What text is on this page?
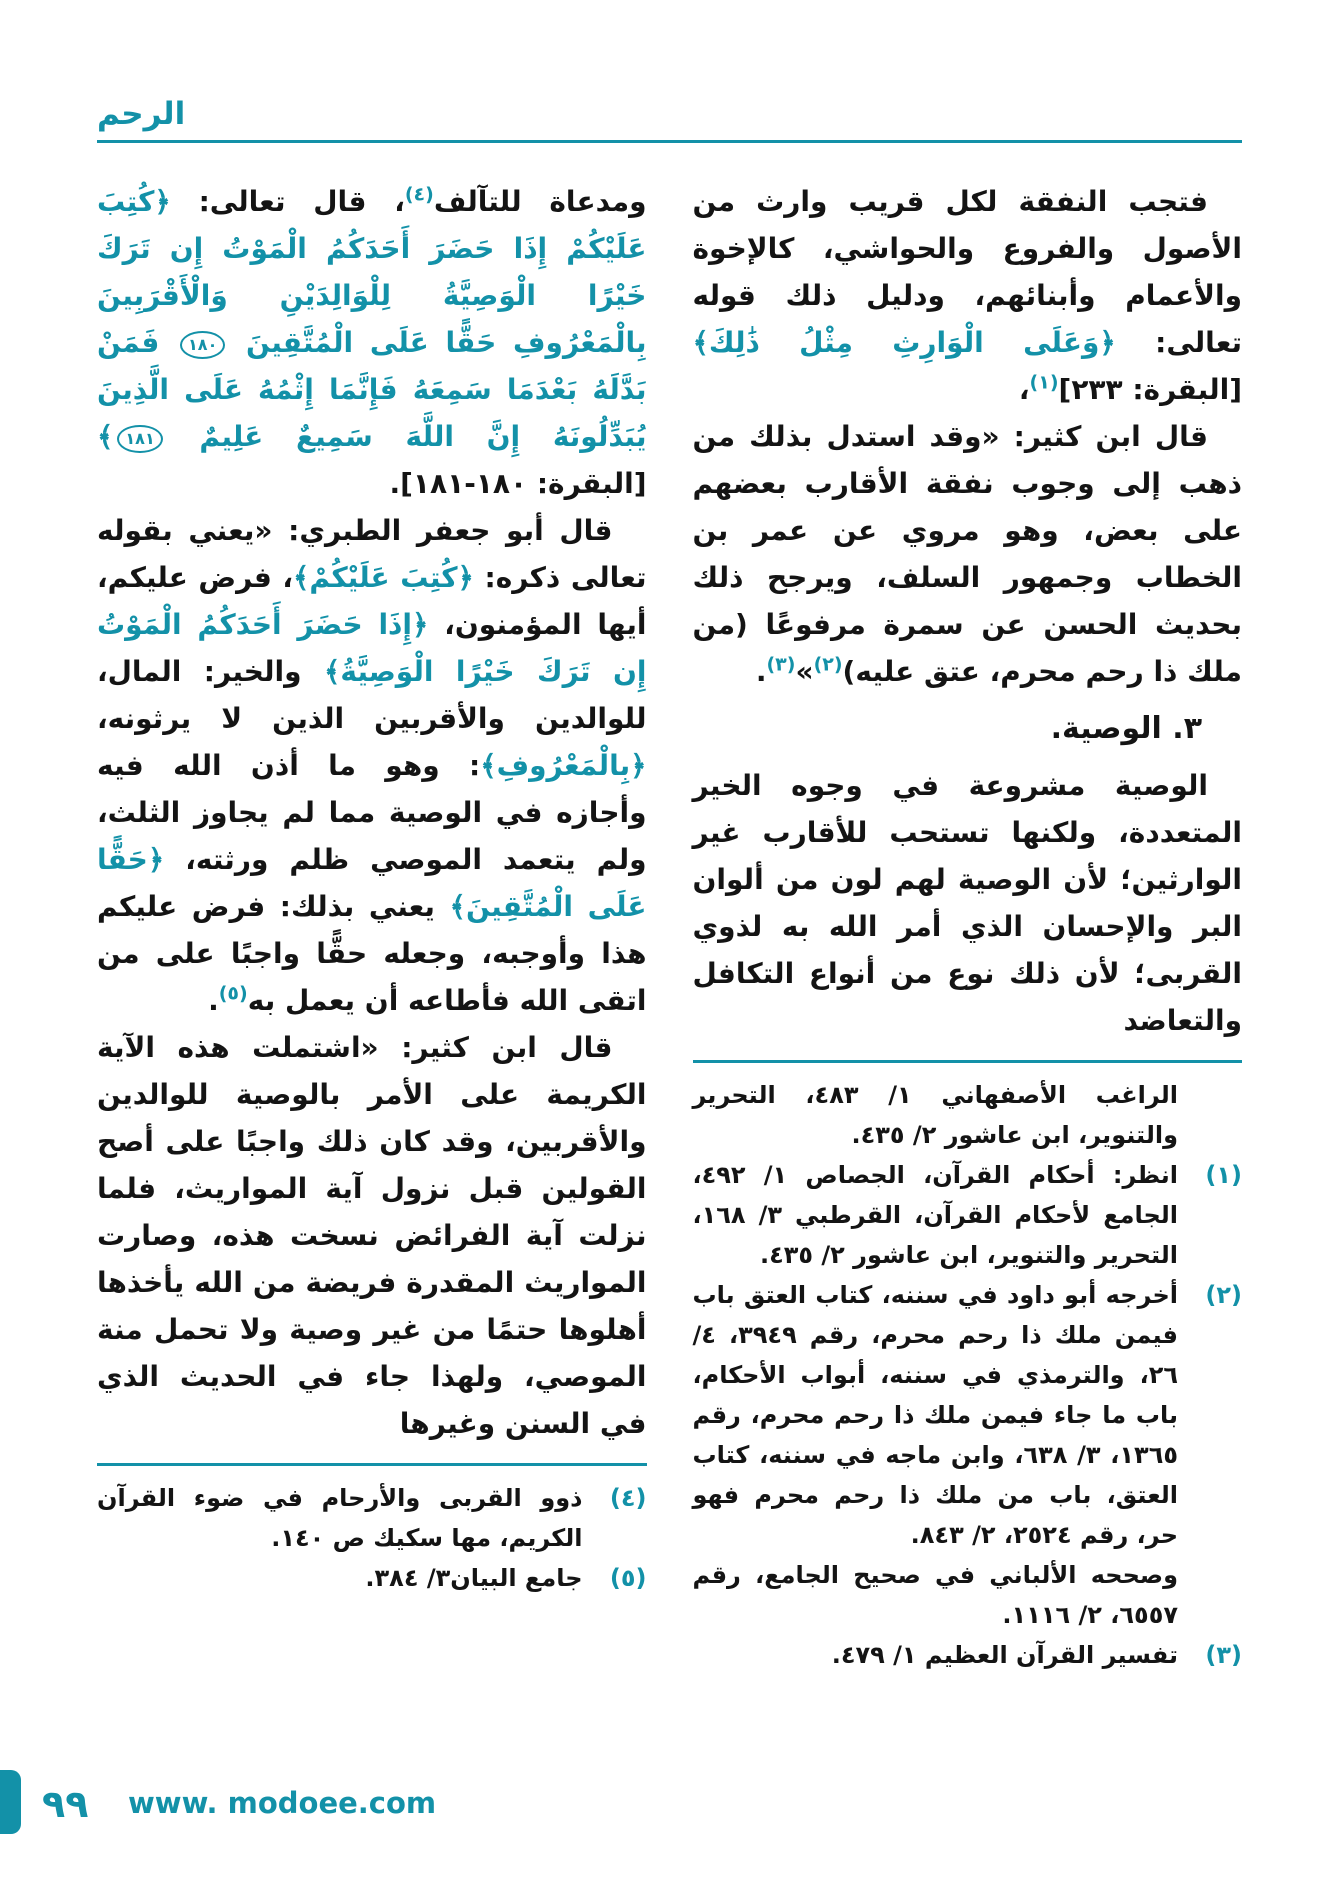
الرحم

فتجب النفقة لكل قريب وارث من الأصول والفروع والحواشي، كالإخوة والأعمام وأبنائهم، ودليل ذلك قوله تعالى: ﴿وَعَلَى الْوَارِثِ مِثْلُ ذَٰلِكَ﴾ [البقرة: ٢٣٣]$^{(١)}$،

قال ابن كثير: «وقد استدل بذلك من ذهب إلى وجوب نفقة الأقارب بعضهم على بعض، وهو مروي عن عمر بن الخطاب وجمهور السلف، ويرجح ذلك بحديث الحسن عن سمرة مرفوعًا (من ملك ذا رحم محرم، عتق عليه)$^{(٢)}$»$^{(٣)}$.

٣. الوصية.

الوصية مشروعة في وجوه الخير المتعددة، ولكنها تستحب للأقارب غير الوارثين؛ لأن الوصية لهم لون من ألوان البر والإحسان الذي أمر الله به لذوي القربى؛ لأن ذلك نوع من أنواع التكافل والتعاضد

الراغب الأصفهاني ١/ ٤٨٣، التحرير والتنوير، ابن عاشور ٢/ ٤٣٥.
(١)
انظر: أحكام القرآن، الجصاص ١/ ٤٩٢، الجامع لأحكام القرآن، القرطبي ٣/ ١٦٨، التحرير والتنوير، ابن عاشور ٢/ ٤٣٥.
(٢)
أخرجه أبو داود في سننه، كتاب العتق باب فيمن ملك ذا رحم محرم، رقم ٣٩٤٩، ٤/ ٢٦، والترمذي في سننه، أبواب الأحكام، باب ما جاء فيمن ملك ذا رحم محرم، رقم ١٣٦٥، ٣/ ٦٣٨، وابن ماجه في سننه، كتاب العتق، باب من ملك ذا رحم محرم فهو حر، رقم ٢٥٢٤، ٢/ ٨٤٣.
وصححه الألباني في صحيح الجامع، رقم ٦٥٥٧، ٢/ ١١١٦.
(٣)
تفسير القرآن العظيم ١/ ٤٧٩.

ومدعاة للتآلف$^{(٤)}$، قال تعالى: ﴿كُتِبَ عَلَيْكُمْ إِذَا حَضَرَ أَحَدَكُمُ الْمَوْتُ إِن تَرَكَ خَيْرًا الْوَصِيَّةُ لِلْوَالِدَيْنِ وَالْأَقْرَبِينَ بِالْمَعْرُوفِ حَقًّا عَلَى الْمُتَّقِينَ ١٨٠ فَمَنْ بَدَّلَهُ بَعْدَمَا سَمِعَهُ فَإِنَّمَا إِثْمُهُ عَلَى الَّذِينَ يُبَدِّلُونَهُ إِنَّ اللَّهَ سَمِيعٌ عَلِيمٌ ١٨١﴾ [البقرة: ١٨٠-١٨١].

قال أبو جعفر الطبري: «يعني بقوله تعالى ذكره: ﴿كُتِبَ عَلَيْكُمْ﴾، فرض عليكم، أيها المؤمنون، ﴿إِذَا حَضَرَ أَحَدَكُمُ الْمَوْتُ إِن تَرَكَ خَيْرًا الْوَصِيَّةُ﴾ والخير: المال، للوالدين والأقربين الذين لا يرثونه، ﴿بِالْمَعْرُوفِ﴾: وهو ما أذن الله فيه وأجازه في الوصية مما لم يجاوز الثلث، ولم يتعمد الموصي ظلم ورثته، ﴿حَقًّا عَلَى الْمُتَّقِينَ﴾ يعني بذلك: فرض عليكم هذا وأوجبه، وجعله حقًّا واجبًا على من اتقى الله فأطاعه أن يعمل به$^{(٥)}$.

قال ابن كثير: «اشتملت هذه الآية الكريمة على الأمر بالوصية للوالدين والأقربين، وقد كان ذلك واجبًا على أصح القولين قبل نزول آية المواريث، فلما نزلت آية الفرائض نسخت هذه، وصارت المواريث المقدرة فريضة من الله يأخذها أهلوها حتمًا من غير وصية ولا تحمل منة الموصي، ولهذا جاء في الحديث الذي في السنن وغيرها

(٤)
ذوو القربى والأرحام في ضوء القرآن الكريم، مها سكيك ص ١٤٠.
(٥)
جامع البيان٣/ ٣٨٤.
٩٩ www. modoee.com
